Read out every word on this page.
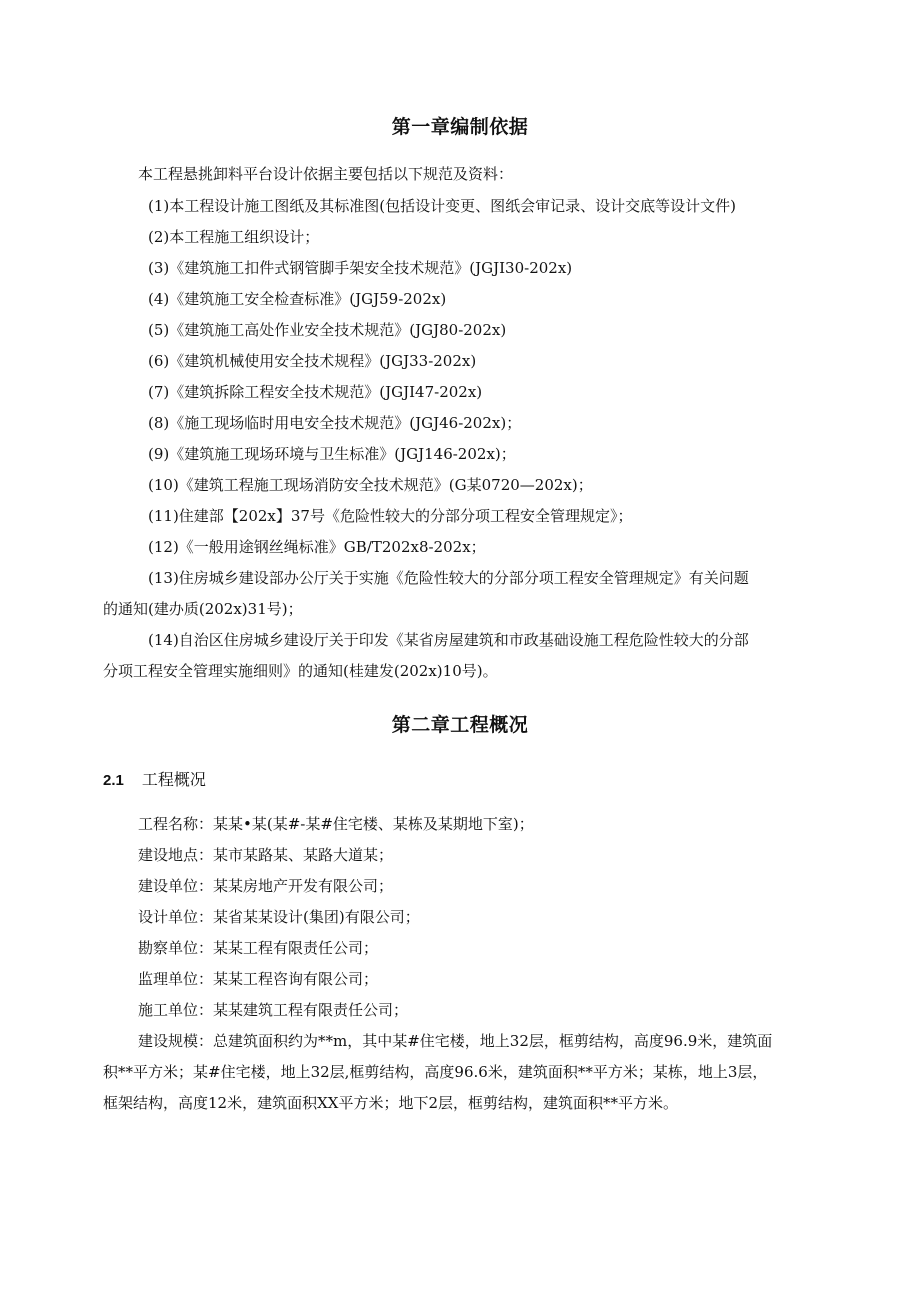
第一章编制依据
本工程悬挑卸料平台设计依据主要包括以下规范及资料：
(1)本工程设计施工图纸及其标准图(包括设计变更、图纸会审记录、设计交底等设计文件)
(2)本工程施工组织设计；
(3)《建筑施工扣件式钢管脚手架安全技术规范》(JGJI30-202x)
(4)《建筑施工安全检查标准》(JGJ59-202x)
(5)《建筑施工高处作业安全技术规范》(JGJ80-202x)
(6)《建筑机械使用安全技术规程》(JGJ33-202x)
(7)《建筑拆除工程安全技术规范》(JGJI47-202x)
(8)《施工现场临时用电安全技术规范》(JGJ46-202x)；
(9)《建筑施工现场环境与卫生标准》(JGJ146-202x)；
(10)《建筑工程施工现场消防安全技术规范》(G某0720—202x)；
(11)住建部【202x】37号《危险性较大的分部分项工程安全管理规定》；
(12)《一般用途钢丝绳标准》GB/T202x8-202x；
(13)住房城乡建设部办公厅关于实施《危险性较大的分部分项工程安全管理规定》有关问题
的通知(建办质(202x)31号)；
(14)自治区住房城乡建设厅关于印发《某省房屋建筑和市政基础设施工程危险性较大的分部
分项工程安全管理实施细则》的通知(桂建发(202x)10号)。
第二章工程概况
2.1 工程概况
工程名称：某某•某(某#-某#住宅楼、某栋及某期地下室)；
建设地点：某市某路某、某路大道某；
建设单位：某某房地产开发有限公司；
设计单位：某省某某设计(集团)有限公司；
勘察单位：某某工程有限责任公司；
监理单位：某某工程咨询有限公司；
施工单位：某某建筑工程有限责任公司；
建设规模：总建筑面积约为**m，其中某#住宅楼，地上32层，框剪结构，高度96.9米，建筑面
积**平方米；某#住宅楼，地上32层,框剪结构，高度96.6米，建筑面积**平方米；某栋，地上3层，
框架结构，高度12米，建筑面积XX平方米；地下2层，框剪结构，建筑面积**平方米。
